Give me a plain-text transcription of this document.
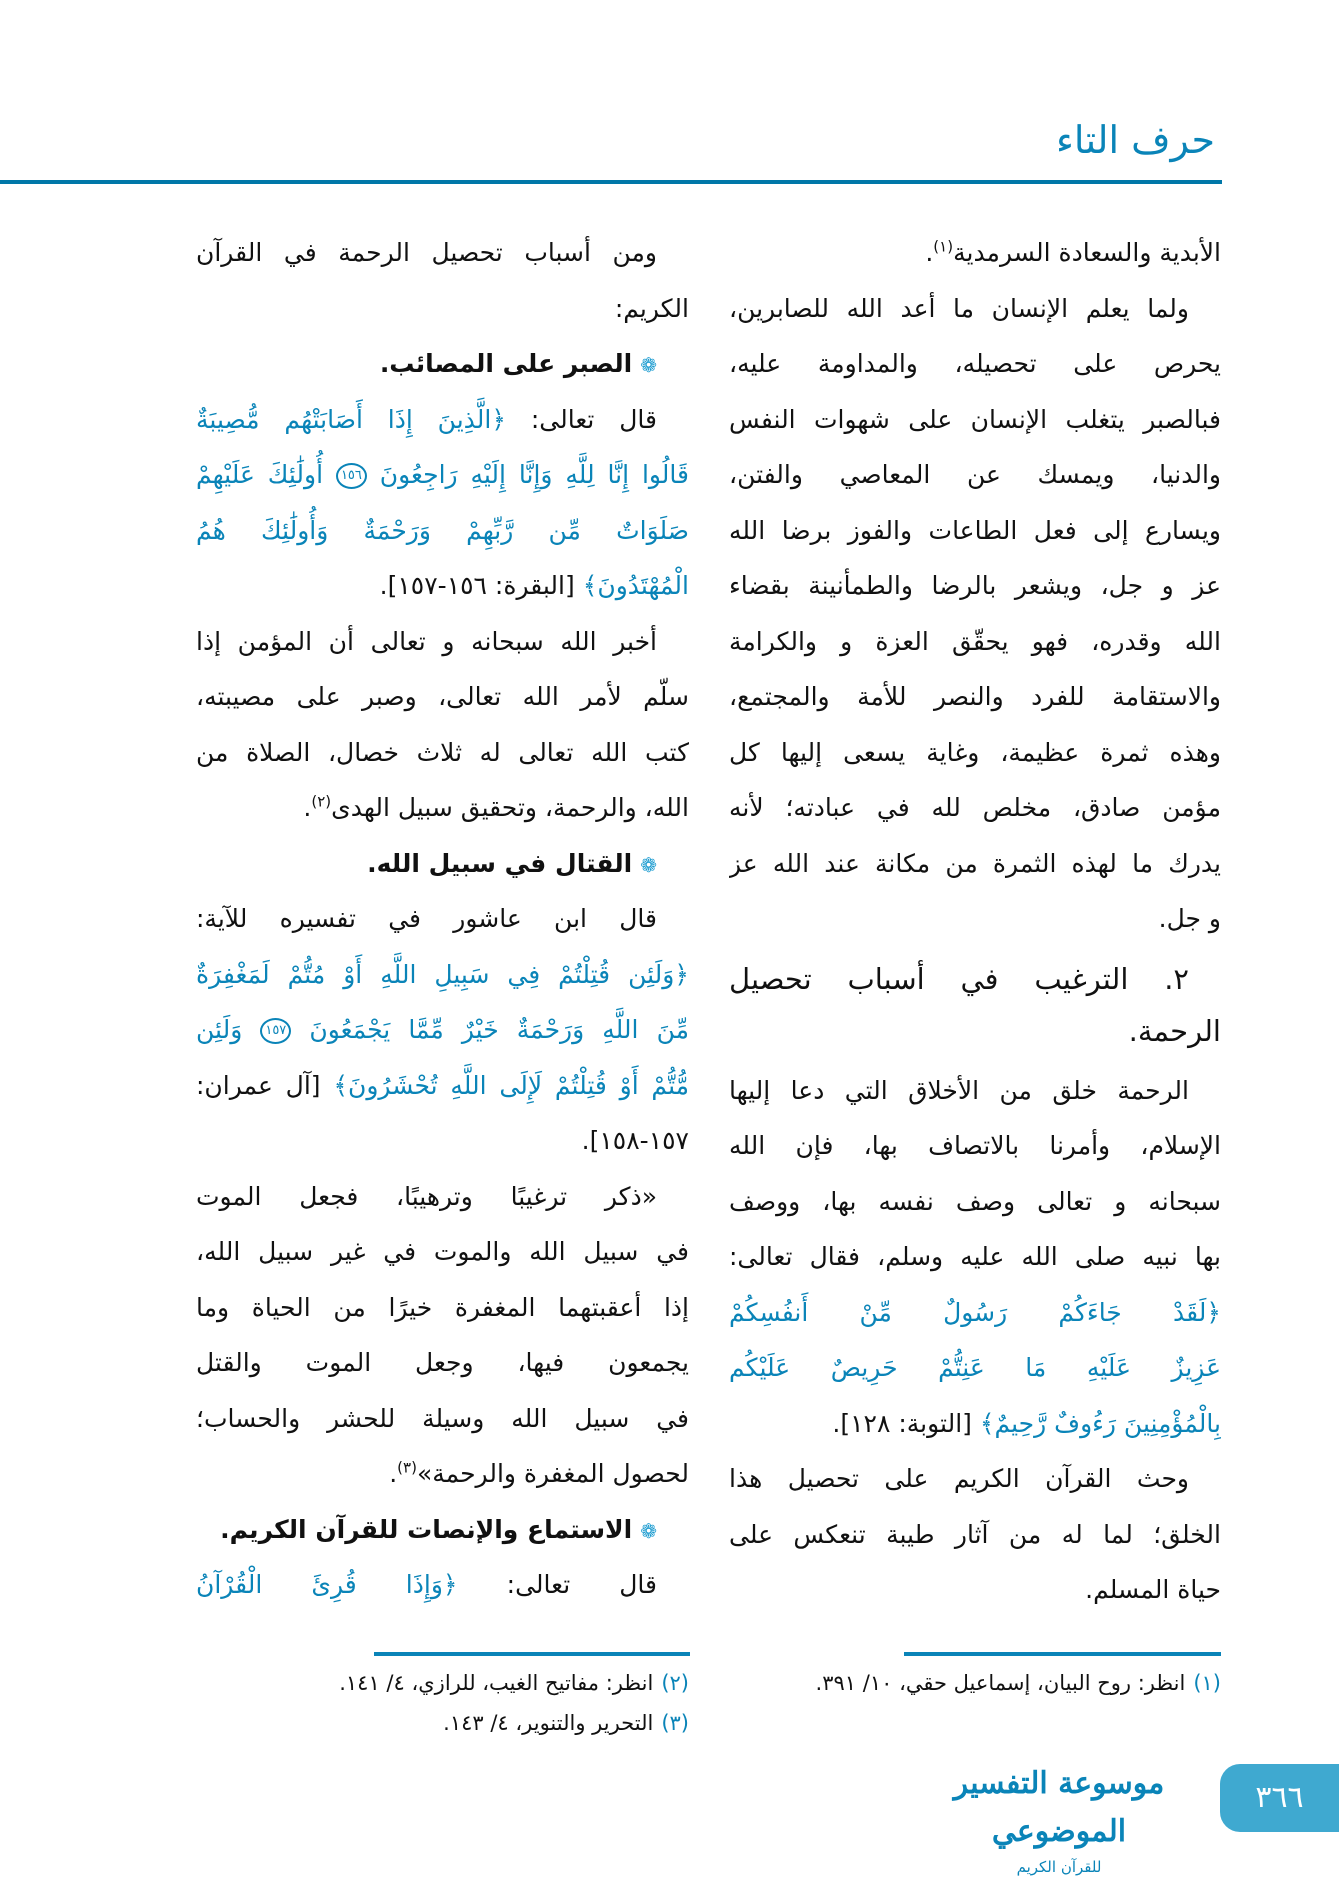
حرف التاء
الأبدية والسعادة السرمدية$^{(١)}$.
ولما يعلم الإنسان ما أعد الله للصابرين،
يحرص على تحصيله، والمداومة عليه،
فبالصبر يتغلب الإنسان على شهوات النفس
والدنيا، ويمسك عن المعاصي والفتن،
ويسارع إلى فعل الطاعات والفوز برضا الله
عز و جل، ويشعر بالرضا والطمأنينة بقضاء
الله وقدره، فهو يحقّق العزة و والكرامة
والاستقامة للفرد والنصر للأمة والمجتمع،
وهذه ثمرة عظيمة، وغاية يسعى إليها كل
مؤمن صادق، مخلص لله في عبادته؛ لأنه
يدرك ما لهذه الثمرة من مكانة عند الله عز
و جل.
٢. الترغيب في أسباب تحصيل
الرحمة.
الرحمة خلق من الأخلاق التي دعا إليها
الإسلام، وأمرنا بالاتصاف بها، فإن الله
سبحانه و تعالى وصف نفسه بها، ووصف
بها نبيه صلى الله عليه وسلم، فقال تعالى:
﴿لَقَدْ جَاءَكُمْ رَسُولٌ مِّنْ أَنفُسِكُمْ
عَزِيزٌ عَلَيْهِ مَا عَنِتُّمْ حَرِيصٌ عَلَيْكُم
بِالْمُؤْمِنِينَ رَءُوفٌ رَّحِيمٌ﴾ [التوبة: ١٢٨].
وحث القرآن الكريم على تحصيل هذا
الخلق؛ لما له من آثار طيبة تنعكس على
حياة المسلم.
ومن أسباب تحصيل الرحمة في القرآن
الكريم:
❁الصبر على المصائب.
قال تعالى: ﴿الَّذِينَ إِذَا أَصَابَتْهُم مُّصِيبَةٌ
قَالُوا إِنَّا لِلَّهِ وَإِنَّا إِلَيْهِ رَاجِعُونَ ١٥٦ أُولَٰئِكَ عَلَيْهِمْ
صَلَوَاتٌ مِّن رَّبِّهِمْ وَرَحْمَةٌ وَأُولَٰئِكَ هُمُ
الْمُهْتَدُونَ﴾ [البقرة: ١٥٦-١٥٧].
أخبر الله سبحانه و تعالى أن المؤمن إذا
سلّم لأمر الله تعالى، وصبر على مصيبته،
كتب الله تعالى له ثلاث خصال، الصلاة من
الله، والرحمة، وتحقيق سبيل الهدى$^{(٢)}$.
❁القتال في سبيل الله.
قال ابن عاشور في تفسيره للآية:
﴿وَلَئِن قُتِلْتُمْ فِي سَبِيلِ اللَّهِ أَوْ مُتُّمْ لَمَغْفِرَةٌ
مِّنَ اللَّهِ وَرَحْمَةٌ خَيْرٌ مِّمَّا يَجْمَعُونَ ١٥٧ وَلَئِن
مُّتُّمْ أَوْ قُتِلْتُمْ لَإِلَى اللَّهِ تُحْشَرُونَ﴾ [آل عمران:
١٥٧-١٥٨].
«ذكر ترغيبًا وترهيبًا، فجعل الموت
في سبيل الله والموت في غير سبيل الله،
إذا أعقبتهما المغفرة خيرًا من الحياة وما
يجمعون فيها، وجعل الموت والقتل
في سبيل الله وسيلة للحشر والحساب؛
لحصول المغفرة والرحمة»$^{(٣)}$.
❁الاستماع والإنصات للقرآن الكريم.
قال تعالى: ﴿وَإِذَا قُرِئَ الْقُرْآنُ
(١)انظر: روح البيان، إسماعيل حقي، ١٠/ ٣٩١.
(٢)انظر: مفاتيح الغيب، للرازي، ٤/ ١٤١.
(٣)التحرير والتنوير، ٤/ ١٤٣.
موسوعة التفسير الموضوعي
للقرآن الكريم
٣٦٦
